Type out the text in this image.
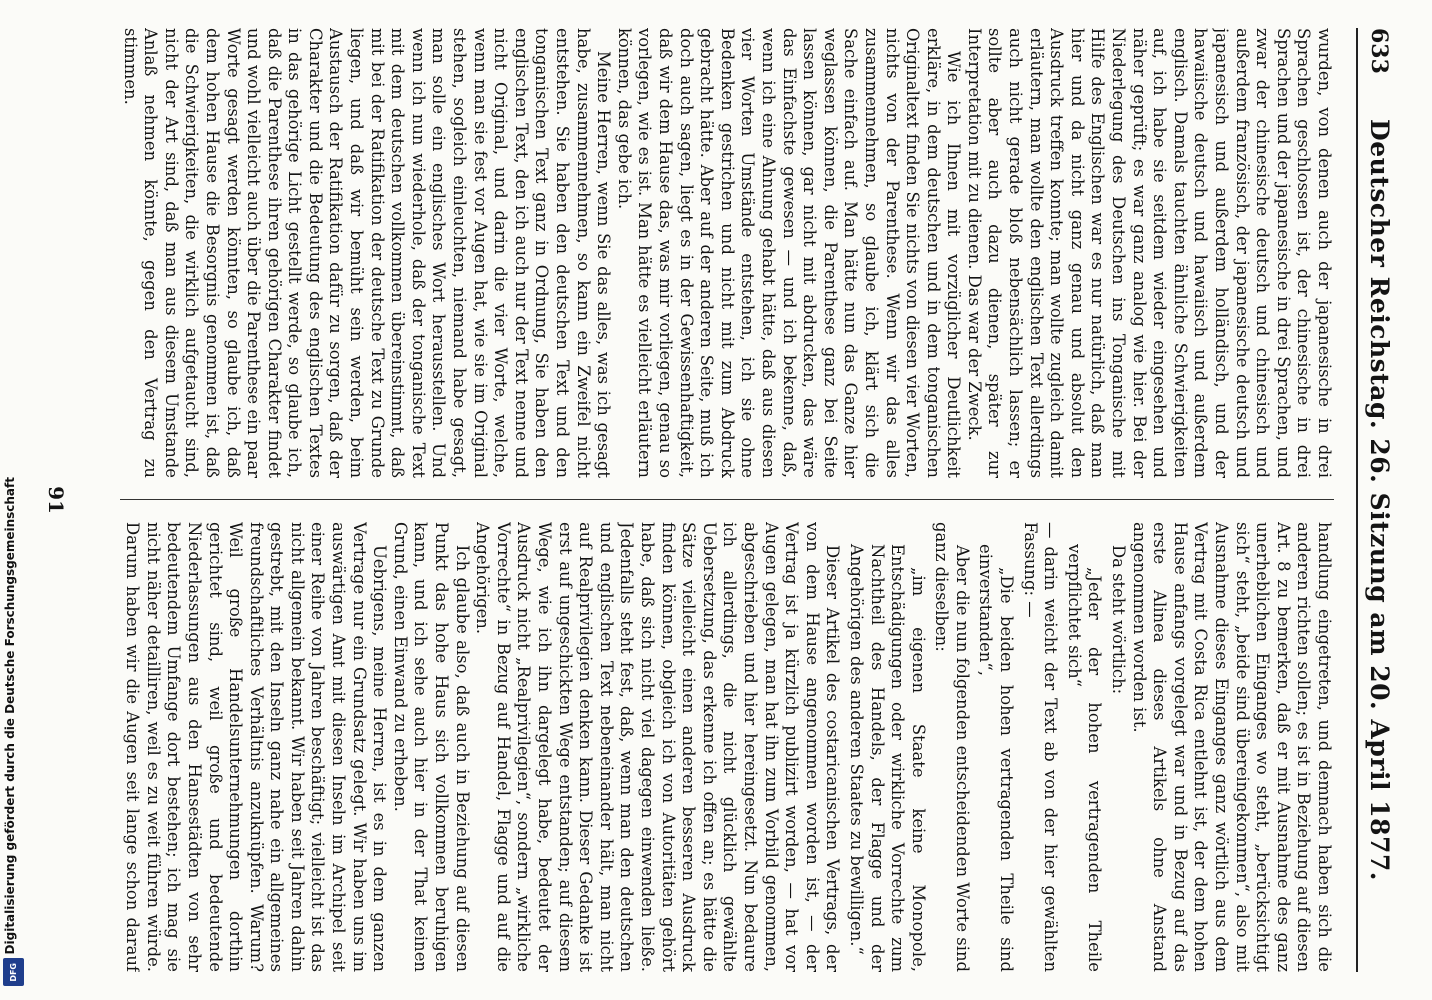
Deutscher Reichstag. 26. Sitzung am 20. April 1877.
633

wurden, von denen auch der japanesische in drei Sprachen geschlossen ist, der chinesische in drei Sprachen und der japanesische in drei Sprachen, und zwar der chinesische deutsch und chinesisch und außerdem französisch, der japanesische deutsch und japanesisch und außerdem holländisch, und der hawaiische deutsch und hawaiisch und außerdem englisch. Damals tauchten ähnliche Schwierigkeiten auf, ich habe sie seitdem wieder eingesehen und näher geprüft; es war ganz analog wie hier. Bei der Niederlegung des Deutschen ins Tonganische mit Hilfe des Englischen war es nur natürlich, daß man hier und da nicht ganz genau und absolut den Ausdruck treffen konnte; man wollte zugleich damit erläutern, man wollte den englischen Text allerdings auch nicht gerade bloß nebensächlich lassen; er sollte aber auch dazu dienen, später zur Interpretation mit zu dienen. Das war der Zweck.

Wie ich Ihnen mit vorzüglicher Deutlichkeit erkläre, in dem deutschen und in dem tonganischen Originaltext finden Sie nichts von diesen vier Worten, nichts von der Parenthese. Wenn wir das alles zusammennehmen, so glaube ich, klärt sich die Sache einfach auf. Man hätte nun das Ganze hier weglassen können, die Parenthese ganz bei Seite lassen können, gar nicht mit abdrucken, das wäre das Einfachste gewesen — und ich bekenne, daß, wenn ich eine Ahnung gehabt hätte, daß aus diesen vier Worten Umstände entstehen, ich sie ohne Bedenken gestrichen und nicht mit zum Abdruck gebracht hätte. Aber auf der anderen Seite, muß ich doch auch sagen, liegt es in der Gewissenhaftigkeit, daß wir dem Hause das, was mir vorliegen, genau so vorlegen, wie es ist. Man hätte es vielleicht erläutern können, das gebe ich.

Meine Herren, wenn Sie das alles, was ich gesagt habe, zusammennehmen, so kann ein Zweifel nicht entstehen. Sie haben den deutschen Text und den tonganischen Text ganz in Ordnung, Sie haben den englischen Text, den ich auch nur der Text nenne und nicht Original, und darin die vier Worte, welche, wenn man sie fest vor Augen hat, wie sie im Original stehen, sogleich einleuchten, niemand habe gesagt, man solle ein englisches Wort herausstellen. Und wenn ich nun wiederhole, daß der tonganische Text mit dem deutschen vollkommen übereinstimmt, daß mit bei der Ratifikation der deutsche Text zu Grunde liegen, und daß wir bemüht sein werden, beim Austausch der Ratifikation dafür zu sorgen, daß der Charakter und die Bedeutung des englischen Textes in das gehörige Licht gestellt werde, so glaube ich, daß die Parenthese ihren gehörigen Charakter findet und wohl vielleicht auch über die Parenthese ein paar Worte gesagt werden könnten, so glaube ich, daß dem hohen Hause die Besorgnis genommen ist, daß die Schwierigkeiten, die wirklich aufgetaucht sind, nicht der Art sind, daß man aus diesem Umstande Anlaß nehmen könnte, gegen den Vertrag zu stimmen.

handlung eingetreten, und demnach haben sich die anderen richten sollen; es ist in Beziehung auf diesen Art. 8 zu bemerken, daß er mit Ausnahme des ganz unerheblichen Einganges wo steht, „berücksichtigt sich“ steht, „beide sind übereingekommen“, also mit Ausnahme dieses Einganges ganz wörtlich aus dem Vertrag mit Costa Rica entlehnt ist, der dem hohen Hause anfangs vorgelegt war und in Bezug auf das erste Alinea dieses Artikels ohne Anstand angenommen worden ist.

Da steht wörtlich:

„Jeder der hohen vertragenden Theile verpflichtet sich“

— darin weicht der Text ab von der hier gewählten Fassung: —

„Die beiden hohen vertragenden Theile sind einverstanden“,

Aber die nun folgenden entscheidenden Worte sind ganz dieselben:

„im eigenen Staate keine Monopole, Entschädigungen oder wirkliche Vorrechte zum Nachtheil des Handels, der Flagge und der Angehörigen des anderen Staates zu bewilligen.“

Dieser Artikel des costaricanischen Vertrags, der von dem Hause angenommen worden ist, — der Vertrag ist ja kürzlich publizirt worden, — hat vor Augen gelegen, man hat ihn zum Vorbild genommen, abgeschrieben und hier hereingesetzt. Nun bedaure ich allerdings, die nicht glücklich gewählte Uebersetzung, das erkenne ich offen an; es hätte die Sätze vielleicht einen anderen besseren Ausdruck finden können, obgleich ich von Autoritäten gehört habe, daß sich nicht viel dagegen einwenden ließe. Jedenfalls steht fest, daß, wenn man den deutschen und englischen Text nebeneinander hält, man nicht auf Realprivilegien denken kann. Dieser Gedanke ist erst auf ungeschickten Wege entstanden; auf diesem Wege, wie ich ihn dargelegt habe, bedeutet der Ausdruck nicht „Realprivilegien“, sondern „wirkliche Vorrechte“ in Bezug auf Handel, Flagge und auf die Angehörigen.

Ich glaube also, daß auch in Beziehung auf diesen Punkt das hohe Haus sich vollkommen beruhigen kann, und ich sehe auch hier in der That keinen Grund, einen Einwand zu erheben.

Uebrigens, meine Herren, ist es in dem ganzen Vertrage nur ein Grundsatz gelegt. Wir haben uns im auswärtigen Amt mit diesen Inseln im Archipel seit einer Reihe von Jahren beschäftigt; vielleicht ist das nicht allgemein bekannt. Wir haben seit Jahren dahin gestrebt, mit den Inseln ganz nahe ein allgemeines freundschaftliches Verhältnis anzuknüpfen. Warum? Weil große Handelsunternehmungen dorthin gerichtet sind, weil große und bedeutende Niederlassungen aus den Hansestädten von sehr bedeutendem Umfange dort bestehen; ich mag sie nicht näher detailliren, weil es zu weit führen würde. Darum haben wir die Augen seit lange schon darauf

91
Digitalisierung gefördert durch die Deutsche Forschungsgemeinschaft
DFG
